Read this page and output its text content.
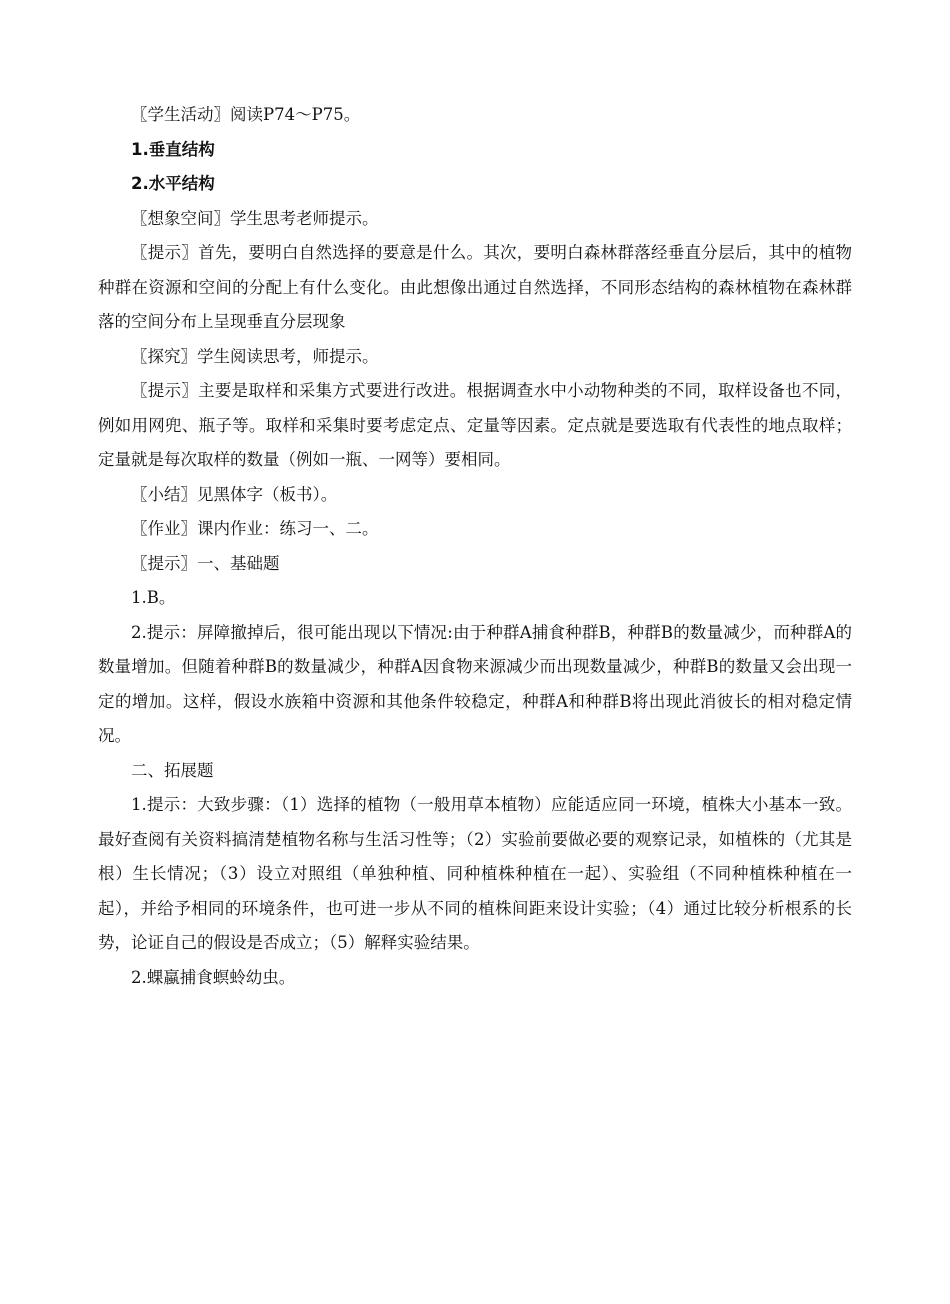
〖学生活动〗阅读P74～P75。

1.垂直结构

2.水平结构

〖想象空间〗学生思考老师提示。

〖提示〗首先，要明白自然选择的要意是什么。其次，要明白森林群落经垂直分层后，其中的植物种群在资源和空间的分配上有什么变化。由此想像出通过自然选择，不同形态结构的森林植物在森林群落的空间分布上呈现垂直分层现象

〖探究〗学生阅读思考，师提示。

〖提示〗主要是取样和采集方式要进行改进。根据调查水中小动物种类的不同，取样设备也不同，例如用网兜、瓶子等。取样和采集时要考虑定点、定量等因素。定点就是要选取有代表性的地点取样；定量就是每次取样的数量（例如一瓶、一网等）要相同。

〖小结〗见黑体字（板书）。

〖作业〗课内作业：练习一、二。

〖提示〗一、基础题

1.B。

2.提示：屏障撤掉后，很可能出现以下情况:由于种群A捕食种群B，种群B的数量减少，而种群A的数量增加。但随着种群B的数量减少，种群A因食物来源减少而出现数量减少，种群B的数量又会出现一定的增加。这样，假设水族箱中资源和其他条件较稳定，种群A和种群B将出现此消彼长的相对稳定情况。

二、拓展题

1.提示：大致步骤：（1）选择的植物（一般用草本植物）应能适应同一环境，植株大小基本一致。最好查阅有关资料搞清楚植物名称与生活习性等；（2）实验前要做必要的观察记录，如植株的（尤其是根）生长情况；（3）设立对照组（单独种植、同种植株种植在一起）、实验组（不同种植株种植在一起），并给予相同的环境条件，也可进一步从不同的植株间距来设计实验；（4）通过比较分析根系的长势，论证自己的假设是否成立；（5）解释实验结果。

2.蜾蠃捕食螟蛉幼虫。
